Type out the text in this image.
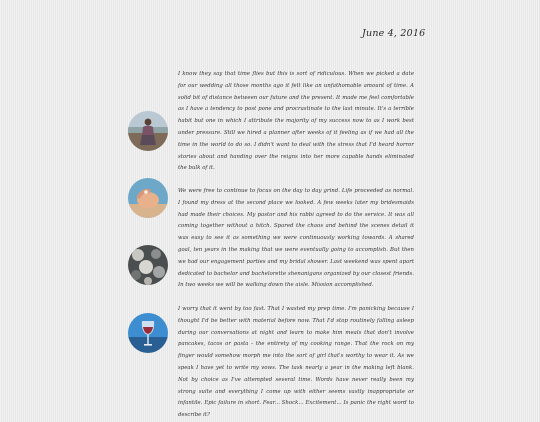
June 4, 2016

I know they say that time flies but this is sort of ridiculous. When we picked a date for our wedding all those months ago it felt like an unfathomable amount of time. A solid bit of distance between our future and the present. It made me feel comfortable as I have a tendency to post pone and procrastinate to the last minute. It's a terrible habit but one in which I attribute the majority of my success now to as I work best under pressure. Still we hired a planner after weeks of it feeling as if we had all the time in the world to do so. I didn't want to deal with the stress that I'd heard horror stories about and handing over the reigns into her more capable hands eliminated the bulk of it.

We were free to continue to focus on the day to day grind. Life proceeded as normal. I found my dress at the second place we looked. A few weeks later my bridesmaids had made their choices. My pastor and his rabbi agreed to do the service. It was all coming together without a hitch. Spared the chaos and behind the scenes detail it was easy to see it as something we were continuously working towards. A shared goal, ten years in the making that we were eventually going to accomplish. But then we had our engagement parties and my bridal shower. Last weekend was spent apart dedicated to bachelor and bachelorette shenanigans organized by our closest friends. In two weeks we will be walking down the aisle. Mission accomplished.

I worry that it went by too fast. That I wasted my prep time. I'm panicking because I thought I'd be better with material before now. That I'd stop routinely falling asleep during our conversations at night and learn to make him meals that don't involve pancakes, tacos or pasta - the entirety of my cooking range. That the rock on my finger would somehow morph me into the sort of girl that's worthy to wear it. As we speak I have yet to write my vows. The task nearly a year in the making left blank. Not by choice as I've attempted several time. Words have never really been my strong suite and everything I come up with either seems vastly inappropriate or infantile. Epic failure in short. Fear... Shock... Excitement... Is panic the right word to describe it?
